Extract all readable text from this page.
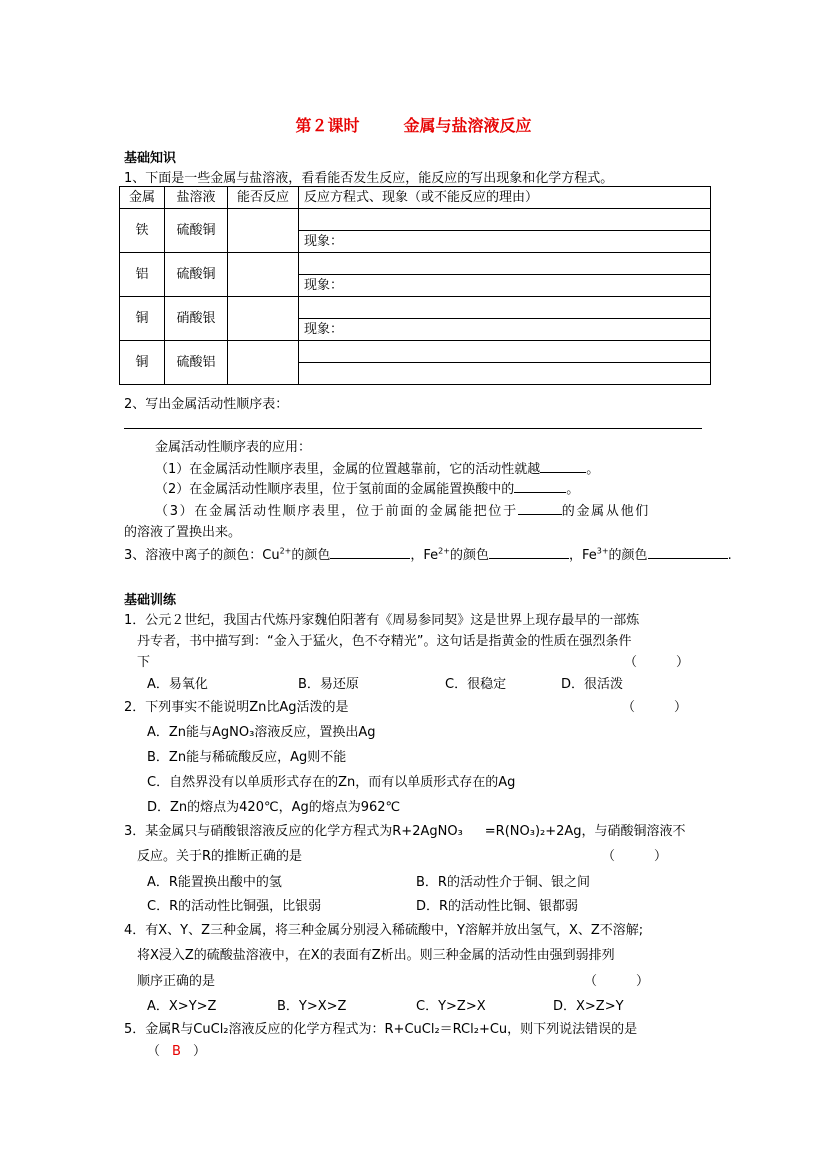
第２课时	金属与盐溶液反应
基础知识
1、下面是一些金属与盐溶液，看看能否发生反应，能反应的写出现象和化学方程式。
金属	盐溶液	能否反应	反应方程式、现象（或不能反应的理由）
铁	硫酸铜		
			现象：
铝	硫酸铜		
			现象：
铜	硝酸银		
			现象：
铜	硫酸铝		

2、写出金属活动性顺序表：
金属活动性顺序表的应用：
（1）在金属活动性顺序表里，金属的位置越靠前，它的活动性就越	。
（2）在金属活动性顺序表里，位于氢前面的金属能置换酸中的	。
（3）在金属活动性顺序表里，位于前面的金属能把位于	的金属从他们
的溶液了置换出来。
3、溶液中离子的颜色：$Cu^{2+}$的颜色	，$Fe^{2+}$的颜色	，$Fe^{3+}$的颜色	.
基础训练
1．公元２世纪，我国古代炼丹家魏伯阳著有《周易参同契》这是世界上现存最早的一部炼
丹专者，书中描写到：“金入于猛火，色不夺精光”。这句话是指黄金的性质在强烈条件
下	（　　　）
A．易氧化	B．易还原	C．很稳定	D．很活泼
2．下列事实不能说明Zn比Ag活泼的是	（　　　）
A．Zn能与AgNO₃溶液反应，置换出Ag
B．Zn能与稀硫酸反应，Ag则不能
C．自然界没有以单质形式存在的Zn，而有以单质形式存在的Ag
D．Zn的熔点为420℃，Ag的熔点为962℃
3．某金属只与硝酸银溶液反应的化学方程式为R+2AgNO₃ =R(NO₃)₂+2Ag，与硝酸铜溶液不
反应。关于R的推断正确的是	（　　　）
A．R能置换出酸中的氢	B．R的活动性介于铜、银之间
C．R的活动性比铜强，比银弱	D．R的活动性比铜、银都弱
4．有X、Y、Z三种金属，将三种金属分别浸入稀硫酸中，Y溶解并放出氢气，X、Z不溶解;
将X浸入Z的硫酸盐溶液中，在X的表面有Z析出。则三种金属的活动性由强到弱排列
顺序正确的是	（　　　）
A．X>Y>Z	B．Y>X>Z	C．Y>Z>X	D．X>Z>Y
5．金属R与CuCl₂溶液反应的化学方程式为：R+CuCl₂＝RCl₂+Cu，则下列说法错误的是
（ B ）
